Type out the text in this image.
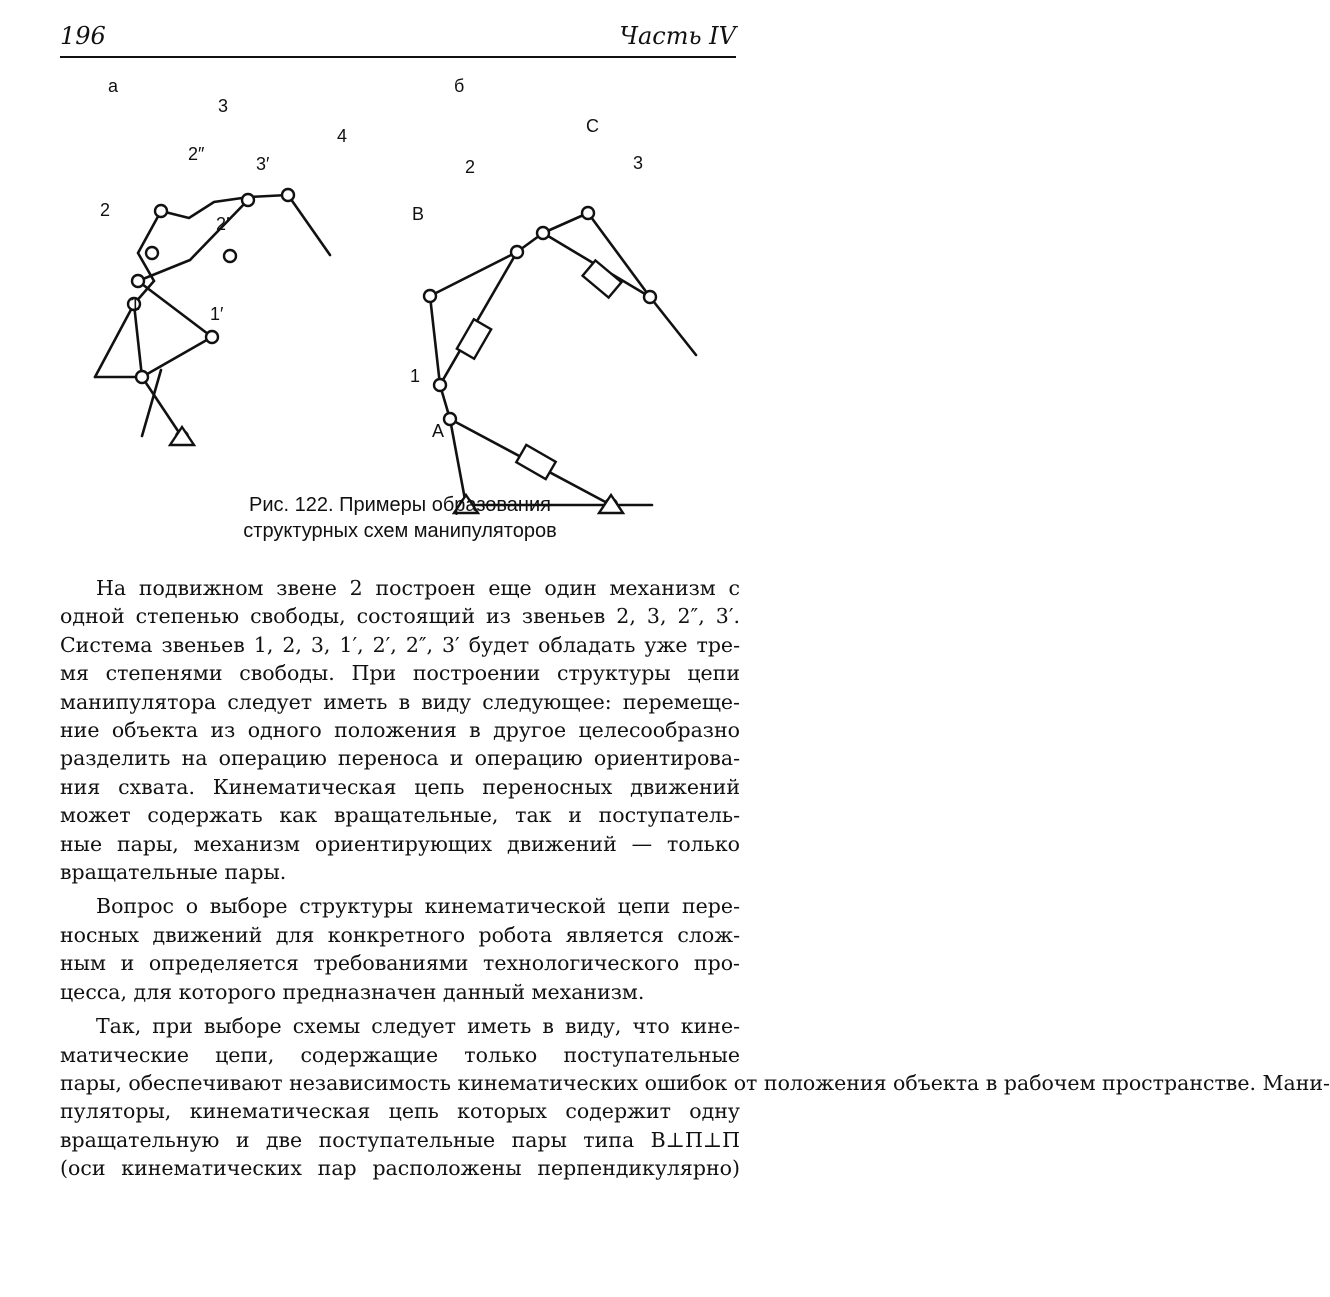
196	Часть IV
а	б
3
4
2
1	1′
2′
2″	3′
1
2	3
A
B
C
Рис. 122. Примеры образования
структурных схем манипуляторов
На подвижном звене 2 построен еще один механизм с
одной степенью свободы, состоящий из звеньев 2, 3, 2″, 3′.
Система звеньев 1, 2, 3, 1′, 2′, 2″, 3′ будет обладать уже тре-
мя степенями свободы. При построении структуры цепи
манипулятора следует иметь в виду следующее: перемеще-
ние объекта из одного положения в другое целесообразно
разделить на операцию переноса и операцию ориентирова-
ния схвата. Кинематическая цепь переносных движений
может содержать как вращательные, так и поступатель-
ные пары, механизм ориентирующих движений — только
вращательные пары.
Вопрос о выборе структуры кинематической цепи пере-
носных движений для конкретного робота является слож-
ным и определяется требованиями технологического про-
цесса, для которого предназначен данный механизм.
Так, при выборе схемы следует иметь в виду, что кине-
матические цепи, содержащие только поступательные
пары, обеспечивают независимость кинематических ошибок от положения объекта в рабочем пространстве. Мани-
пуляторы, кинематическая цепь которых содержит одну
вращательную и две поступательные пары типа В⊥П⊥П
(оси кинематических пар расположены перпендикулярно)
